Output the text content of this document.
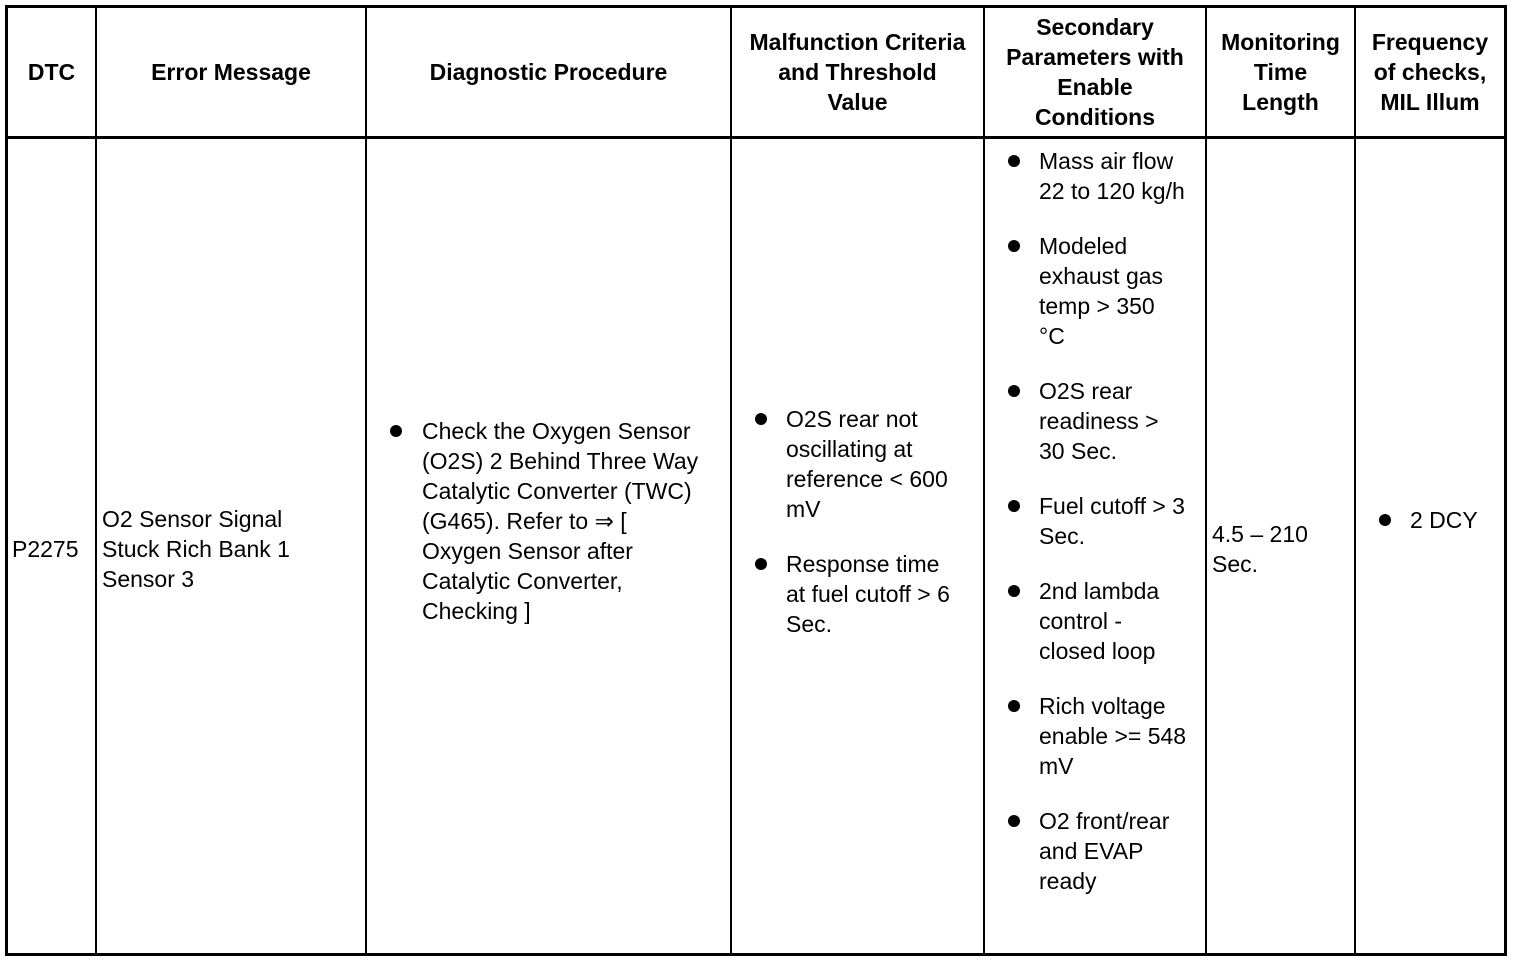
DTC	Error Message	Diagnostic Procedure
Malfunction Criteria
and Threshold
Value
Secondary
Parameters with
Enable
Conditions
Monitoring
Time
Length
Frequency
of checks,
MIL Illum
P2275
O2 Sensor Signal
Stuck Rich Bank 1
Sensor 3
Check the Oxygen Sensor
(O2S) 2 Behind Three Way
Catalytic Converter (TWC)
(G465). Refer to ⇒ [
Oxygen Sensor after
Catalytic Converter,
Checking ]
O2S rear not
oscillating at
reference < 600
mV
Response time
at fuel cutoff > 6
Sec.
Mass air flow
22 to 120 kg/h
Modeled
exhaust gas
temp > 350
°C
O2S rear
readiness >
30 Sec.
Fuel cutoff > 3
Sec.
2nd lambda
control -
closed loop
Rich voltage
enable >= 548
mV
O2 front/rear
and EVAP
ready
4.5 – 210
Sec.
2 DCY
